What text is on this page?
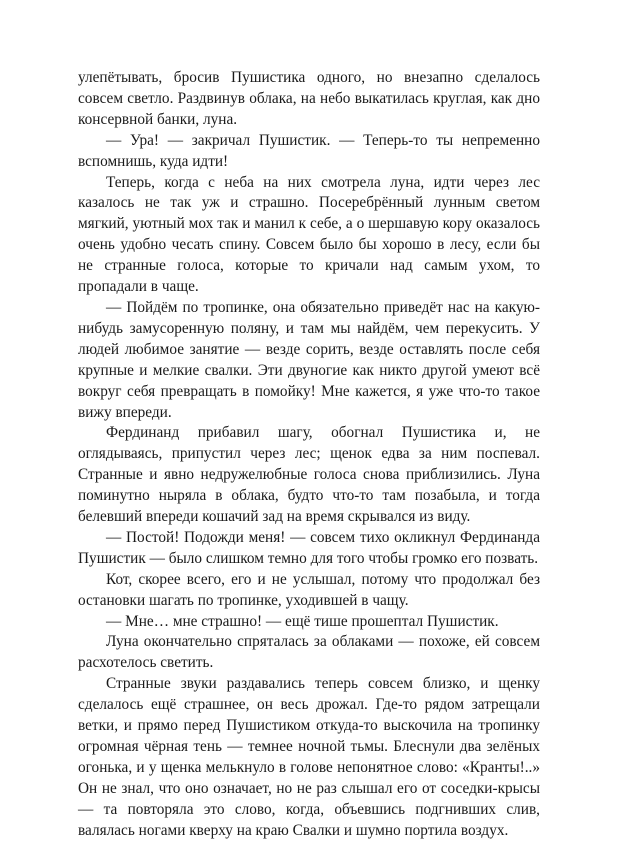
улепётывать, бросив Пушистика одного, но внезапно сделалось совсем светло. Раздвинув облака, на небо выкатилась круглая, как дно консервной банки, луна.

— Ура! — закричал Пушистик. — Теперь-то ты непременно вспомнишь, куда идти!

Теперь, когда с неба на них смотрела луна, идти через лес казалось не так уж и страшно. Посеребрённый лунным светом мягкий, уютный мох так и манил к себе, а о шершавую кору оказалось очень удобно чесать спину. Совсем было бы хорошо в лесу, если бы не странные голоса, которые то кричали над самым ухом, то пропадали в чаще.

— Пойдём по тропинке, она обязательно приведёт нас на какую-нибудь замусоренную поляну, и там мы найдём, чем перекусить. У людей любимое занятие — везде сорить, везде оставлять после себя крупные и мелкие свалки. Эти двуногие как никто другой умеют всё вокруг себя превращать в помойку! Мне кажется, я уже что-то такое вижу впереди.

Фердинанд прибавил шагу, обогнал Пушистика и, не оглядываясь, припустил через лес; щенок едва за ним поспевал. Странные и явно недружелюбные голоса снова приблизились. Луна поминутно ныряла в облака, будто что-то там позабыла, и тогда белевший впереди кошачий зад на время скрывался из виду.

— Постой! Подожди меня! — совсем тихо окликнул Фердинанда Пушистик — было слишком темно для того чтобы громко его позвать.

Кот, скорее всего, его и не услышал, потому что продолжал без остановки шагать по тропинке, уходившей в чащу.

— Мне… мне страшно! — ещё тише прошептал Пушистик.

Луна окончательно спряталась за облаками — похоже, ей совсем расхотелось светить.

Странные звуки раздавались теперь совсем близко, и щенку сделалось ещё страшнее, он весь дрожал. Где-то рядом затрещали ветки, и прямо перед Пушистиком откуда-то выскочила на тропинку огромная чёрная тень — темнее ночной тьмы. Блеснули два зелёных огонька, и у щенка мелькнуло в голове непонятное слово: «Кранты!..» Он не знал, что оно означает, но не раз слышал его от соседки-крысы — та повторяла это слово, когда, объевшись подгнивших слив, валялась ногами кверху на краю Свалки и шумно портила воздух.
